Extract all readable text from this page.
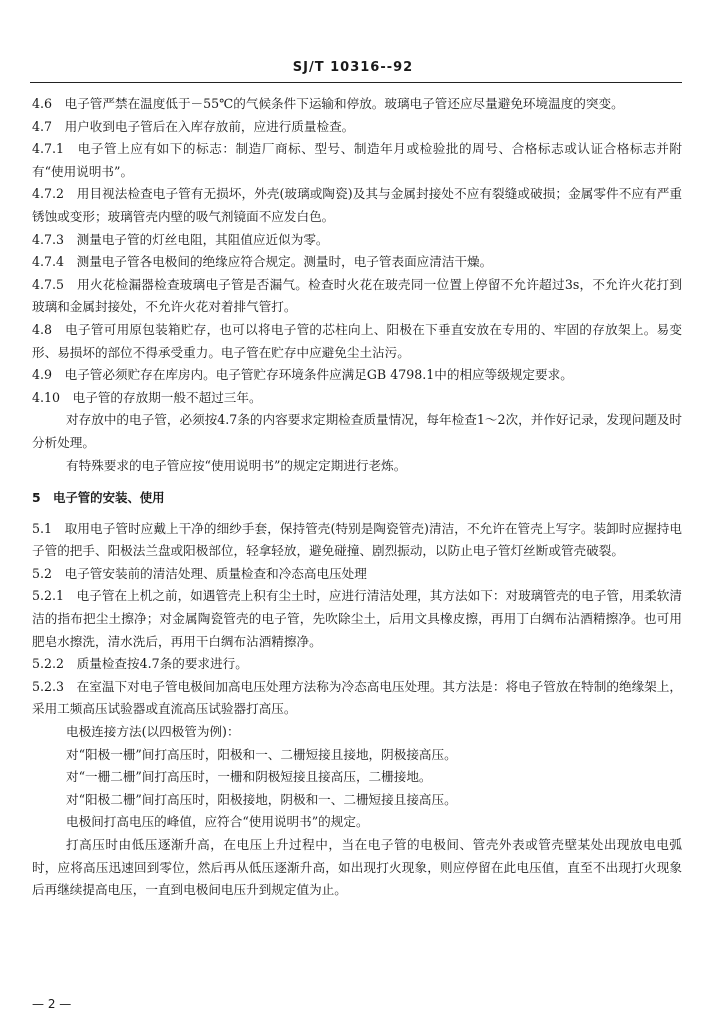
SJ/T 10316--92

4.6　电子管严禁在温度低于－55℃的气候条件下运输和停放。玻璃电子管还应尽量避免环境温度的突变。

4.7　用户收到电子管后在入库存放前，应进行质量检查。

4.7.1　电子管上应有如下的标志：制造厂商标、型号、制造年月或检验批的周号、合格标志或认证合格标志并附有“使用说明书”。

4.7.2　用目视法检查电子管有无损坏，外壳(玻璃或陶瓷)及其与金属封接处不应有裂缝或破损；金属零件不应有严重锈蚀或变形；玻璃管壳内壁的吸气剂镜面不应发白色。

4.7.3　测量电子管的灯丝电阻，其阻值应近似为零。

4.7.4　测量电子管各电极间的绝缘应符合规定。测量时，电子管表面应清洁干燥。

4.7.5　用火花检漏器检查玻璃电子管是否漏气。检查时火花在玻壳同一位置上停留不允许超过3s，不允许火花打到玻璃和金属封接处，不允许火花对着排气管打。

4.8　电子管可用原包装箱贮存，也可以将电子管的芯柱向上、阳极在下垂直安放在专用的、牢固的存放架上。易变形、易损坏的部位不得承受重力。电子管在贮存中应避免尘土沾污。

4.9　电子管必须贮存在库房内。电子管贮存环境条件应满足GB 4798.1中的相应等级规定要求。

4.10　电子管的存放期一般不超过三年。

对存放中的电子管，必须按4.7条的内容要求定期检查质量情况，每年检查1～2次，并作好记录，发现问题及时分析处理。

有特殊要求的电子管应按“使用说明书”的规定定期进行老炼。

5　电子管的安装、使用

5.1　取用电子管时应戴上干净的细纱手套，保持管壳(特别是陶瓷管壳)清洁，不允许在管壳上写字。装卸时应握持电子管的把手、阳极法兰盘或阳极部位，轻拿轻放，避免碰撞、剧烈振动，以防止电子管灯丝断或管壳破裂。

5.2　电子管安装前的清洁处理、质量检查和冷态高电压处理

5.2.1　电子管在上机之前，如遇管壳上积有尘土时，应进行清洁处理，其方法如下：对玻璃管壳的电子管，用柔软清洁的指布把尘土擦净；对金属陶瓷管壳的电子管，先吹除尘土，后用文具橡皮擦，再用丁白绸布沾酒精擦净。也可用肥皂水擦洗，清水洗后，再用干白绸布沾酒精擦净。

5.2.2　质量检查按4.7条的要求进行。

5.2.3　在室温下对电子管电极间加高电压处理方法称为冷态高电压处理。其方法是：将电子管放在特制的绝缘架上，采用工频高压试验器或直流高压试验器打高压。

电极连接方法(以四极管为例)：

对“阳极一栅”间打高压时，阳极和一、二栅短接且接地，阴极接高压。

对“一栅二栅”间打高压时，一栅和阴极短接且接高压，二栅接地。

对“阳极二栅”间打高压时，阳极接地，阴极和一、二栅短接且接高压。

电极间打高电压的峰值，应符合“使用说明书”的规定。

打高压时由低压逐渐升高，在电压上升过程中，当在电子管的电极间、管壳外表或管壳壁某处出现放电电弧时，应将高压迅速回到零位，然后再从低压逐渐升高，如出现打火现象，则应停留在此电压值，直至不出现打火现象后再继续提高电压，一直到电极间电压升到规定值为止。

— 2 —
